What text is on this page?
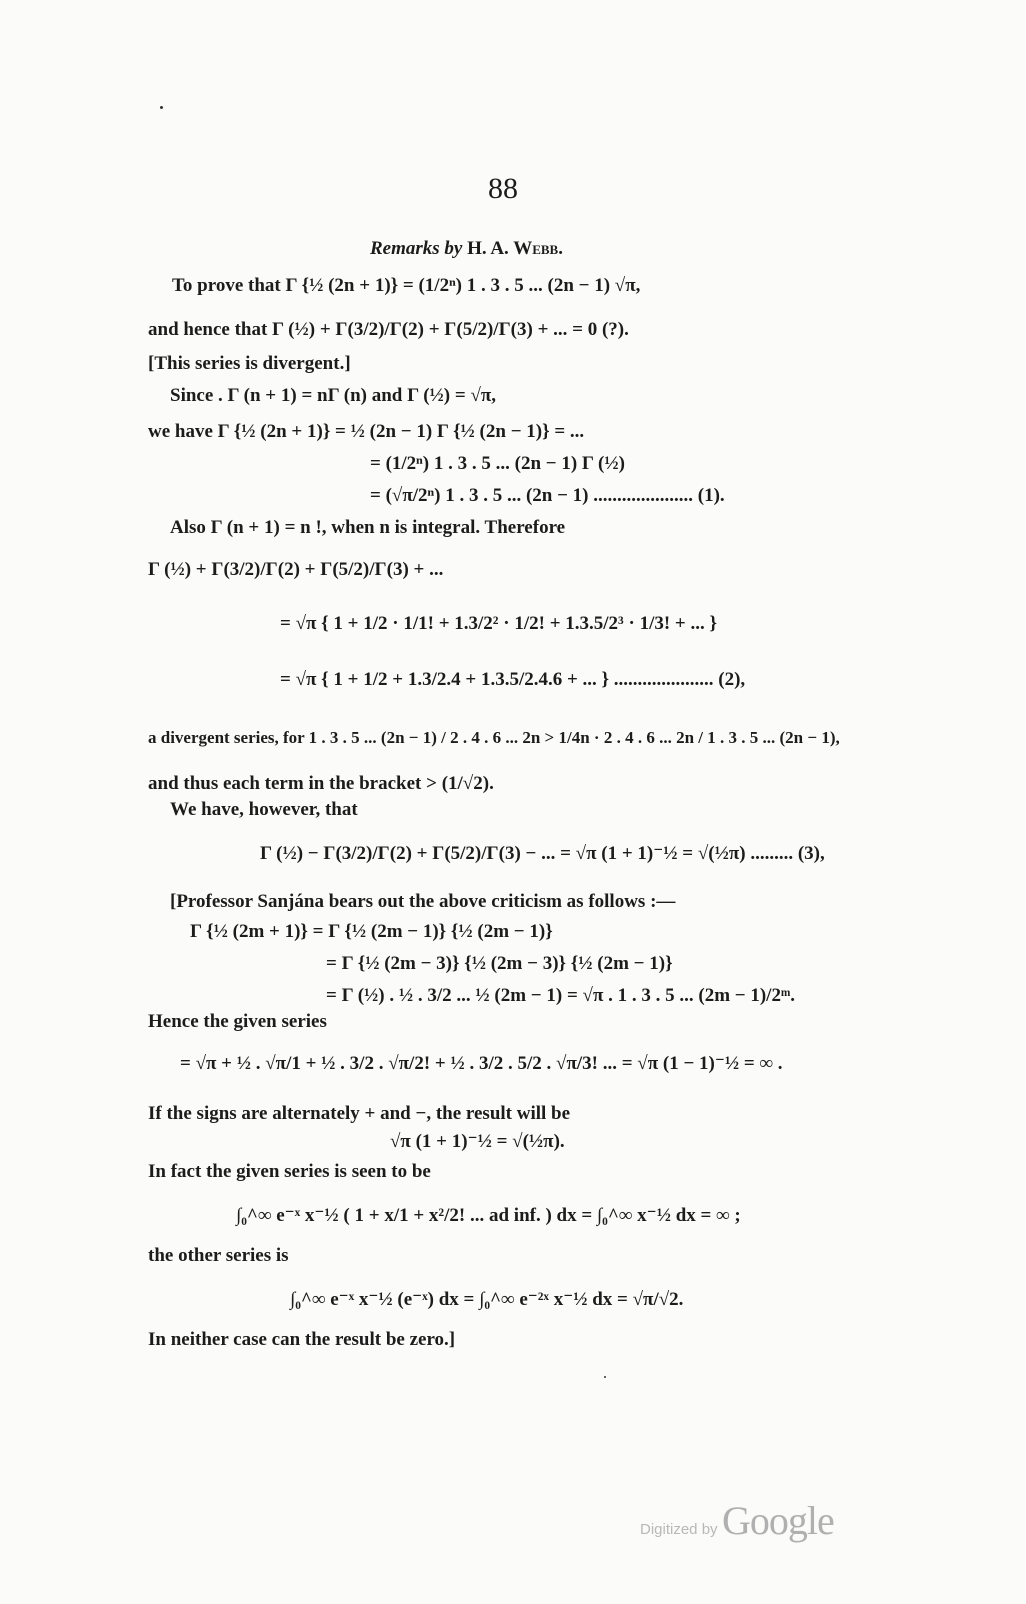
88
Remarks by H. A. Webb.
To prove that Γ {½ (2n + 1)} = (1/2ⁿ) 1 . 3 . 5 ... (2n − 1) √π,
and hence that Γ (½) + Γ(3/2)/Γ(2) + Γ(5/2)/Γ(3) + ... = 0 (?).
[This series is divergent.]
Since . Γ (n + 1) = nΓ (n) and Γ (½) = √π,
we have Γ {½ (2n + 1)} = ½ (2n − 1) Γ {½ (2n − 1)} = ...
= (1/2ⁿ) 1 . 3 . 5 ... (2n − 1) Γ (½)
= (√π/2ⁿ) 1 . 3 . 5 ... (2n − 1) ..................... (1).
Also Γ (n + 1) = n !, when n is integral. Therefore
Γ (½) + Γ(3/2)/Γ(2) + Γ(5/2)/Γ(3) + ...
= √π { 1 + 1/2 · 1/1! + 1.3/2² · 1/2! + 1.3.5/2³ · 1/3! + ... }
= √π { 1 + 1/2 + 1.3/2.4 + 1.3.5/2.4.6 + ... } ..................... (2),
a divergent series, for 1 . 3 . 5 ... (2n − 1) / 2 . 4 . 6 ... 2n > 1/4n · 2 . 4 . 6 ... 2n / 1 . 3 . 5 ... (2n − 1),
and thus each term in the bracket > (1/√2).
We have, however, that
Γ (½) − Γ(3/2)/Γ(2) + Γ(5/2)/Γ(3) − ... = √π (1 + 1)⁻½ = √(½π) ......... (3),
[Professor Sanjána bears out the above criticism as follows :—
Γ {½ (2m + 1)} = Γ {½ (2m − 1)} {½ (2m − 1)}
= Γ {½ (2m − 3)} {½ (2m − 3)} {½ (2m − 1)}
= Γ (½) . ½ . 3/2 ... ½ (2m − 1) = √π . 1 . 3 . 5 ... (2m − 1)/2ᵐ.
Hence the given series
= √π + ½ . √π/1 + ½ . 3/2 . √π/2! + ½ . 3/2 . 5/2 . √π/3! ... = √π (1 − 1)⁻½ = ∞ .
If the signs are alternately + and −, the result will be
√π (1 + 1)⁻½ = √(½π).
In fact the given series is seen to be
∫₀^∞ e⁻ˣ x⁻½ ( 1 + x/1 + x²/2! ... ad inf. ) dx = ∫₀^∞ x⁻½ dx = ∞ ;
the other series is
∫₀^∞ e⁻ˣ x⁻½ (e⁻ˣ) dx = ∫₀^∞ e⁻²ˣ x⁻½ dx = √π/√2.
In neither case can the result be zero.]
Digitized by Google
